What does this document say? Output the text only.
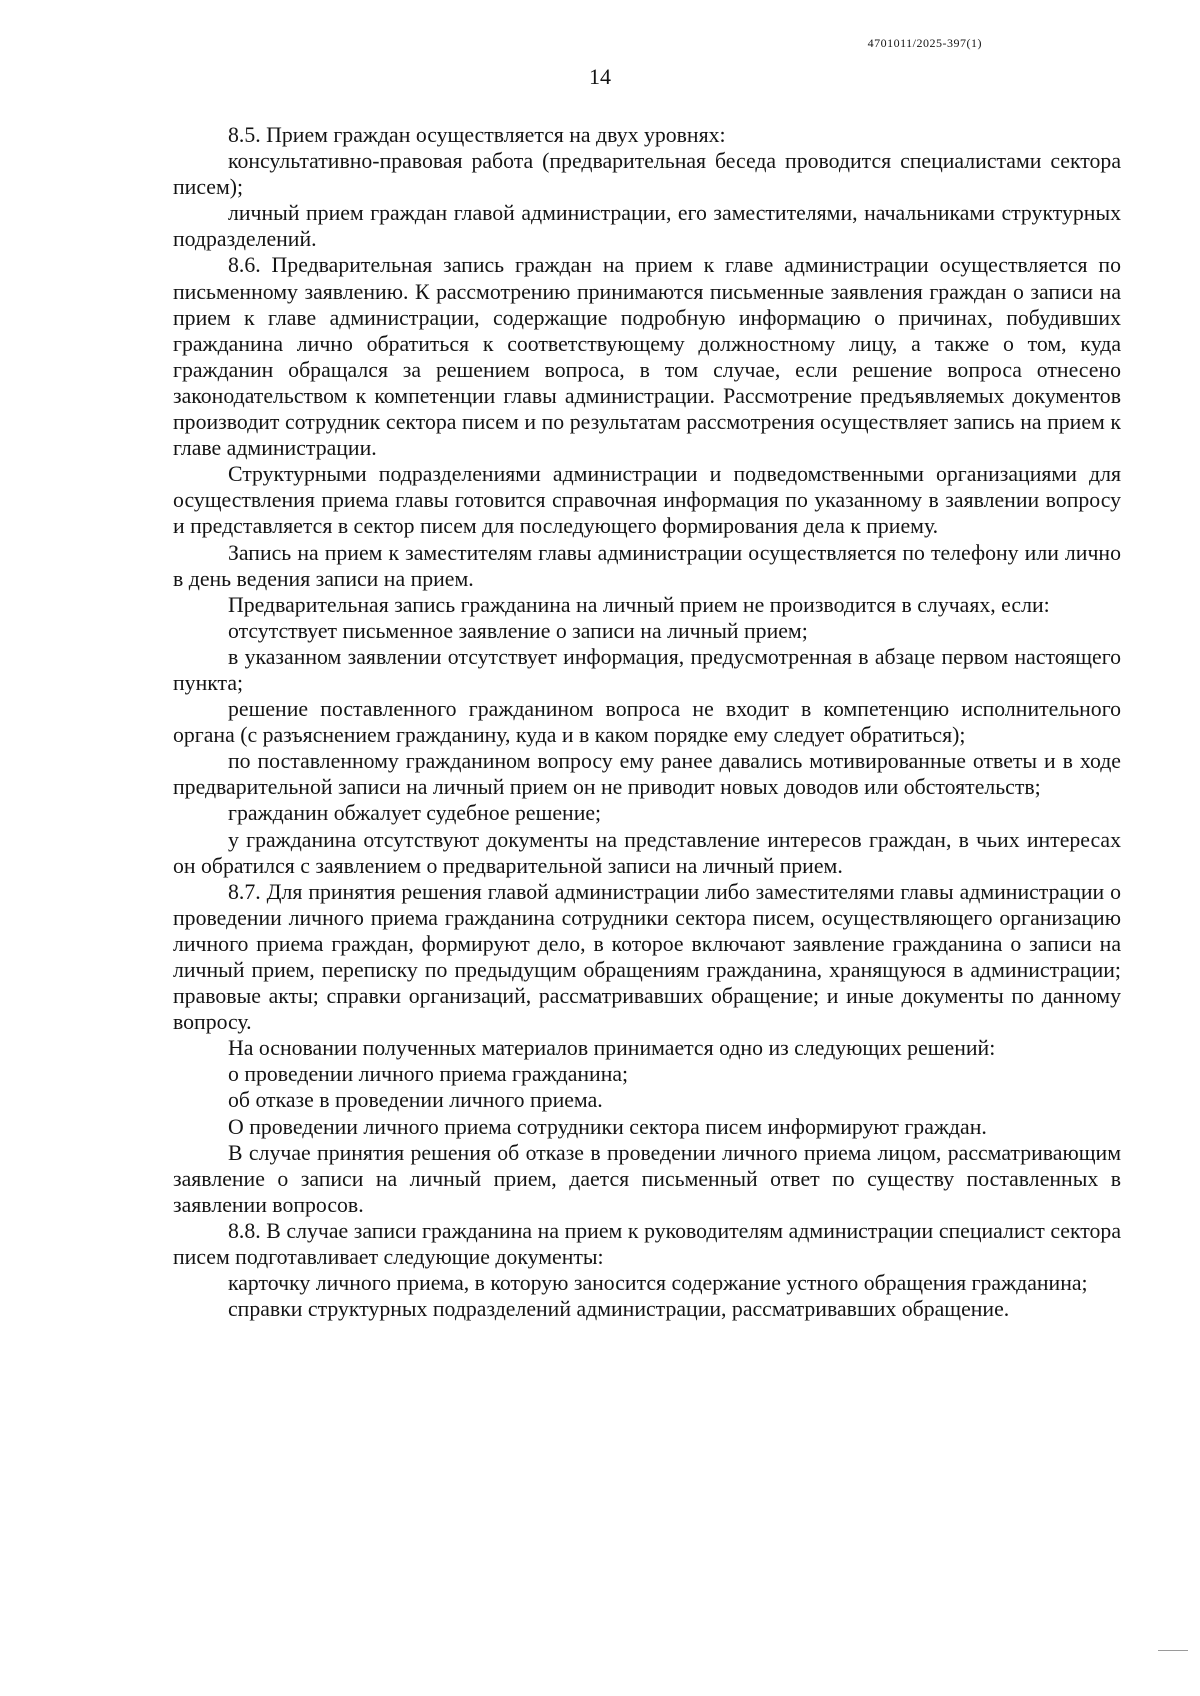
4701011/2025-397(1)
14

8.5. Прием граждан осуществляется на двух уровнях:

консультативно-правовая работа (предварительная беседа проводится специалистами сектора писем);

личный прием граждан главой администрации, его заместителями, начальниками структурных подразделений.

8.6. Предварительная запись граждан на прием к главе администрации осуществляется по письменному заявлению. К рассмотрению принимаются письменные заявления граждан о записи на прием к главе администрации, содержащие подробную информацию о причинах, побудивших гражданина лично обратиться к соответствующему должностному лицу, а также о том, куда гражданин обращался за решением вопроса, в том случае, если решение вопроса отнесено законодательством к компетенции главы администрации. Рассмотрение предъявляемых документов производит сотрудник сектора писем и по результатам рассмотрения осуществляет запись на прием к главе администрации.

Структурными подразделениями администрации и подведомственными организациями для осуществления приема главы готовится справочная информация по указанному в заявлении вопросу и представляется в сектор писем для последующего формирования дела к приему.

Запись на прием к заместителям главы администрации осуществляется по телефону или лично в день ведения записи на прием.

Предварительная запись гражданина на личный прием не производится в случаях, если:

отсутствует письменное заявление о записи на личный прием;

в указанном заявлении отсутствует информация, предусмотренная в абзаце первом настоящего пункта;

решение поставленного гражданином вопроса не входит в компетенцию исполнительного органа (с разъяснением гражданину, куда и в каком порядке ему следует обратиться);

по поставленному гражданином вопросу ему ранее давались мотивированные ответы и в ходе предварительной записи на личный прием он не приводит новых доводов или обстоятельств;

гражданин обжалует судебное решение;

у гражданина отсутствуют документы на представление интересов граждан, в чьих интересах он обратился с заявлением о предварительной записи на личный прием.

8.7. Для принятия решения главой администрации либо заместителями главы администрации о проведении личного приема гражданина сотрудники сектора писем, осуществляющего организацию личного приема граждан, формируют дело, в которое включают заявление гражданина о записи на личный прием, переписку по предыдущим обращениям гражданина, хранящуюся в администрации; правовые акты; справки организаций, рассматривавших обращение; и иные документы по данному вопросу.

На основании полученных материалов принимается одно из следующих решений:

о проведении личного приема гражданина;

об отказе в проведении личного приема.

О проведении личного приема сотрудники сектора писем информируют граждан.

В случае принятия решения об отказе в проведении личного приема лицом, рассматривающим заявление о записи на личный прием, дается письменный ответ по существу поставленных в заявлении вопросов.

8.8. В случае записи гражданина на прием к руководителям администрации специалист сектора писем подготавливает следующие документы:

карточку личного приема, в которую заносится содержание устного обращения гражданина;

справки структурных подразделений администрации, рассматривавших обращение.
